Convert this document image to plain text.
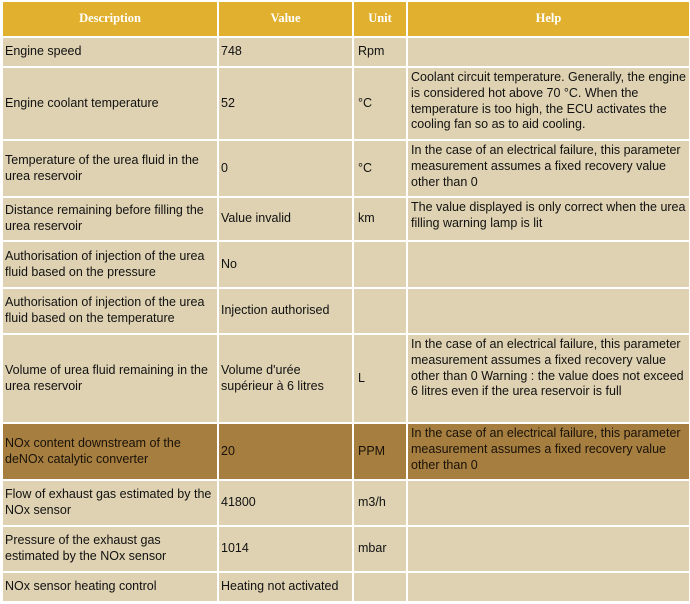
Description	Value	Unit	Help
Engine speed	748	Rpm	
Engine coolant temperature	52	°C	Coolant circuit temperature. Generally, the engine is considered hot above 70 °C. When the temperature is too high, the ECU activates the cooling fan so as to aid cooling.
Temperature of the urea fluid in the urea reservoir	0	°C	In the case of an electrical failure, this parameter measurement assumes a fixed recovery value other than 0
Distance remaining before filling the urea reservoir	Value invalid	km	The value displayed is only correct when the urea filling warning lamp is lit
Authorisation of injection of the urea fluid based on the pressure	No		
Authorisation of injection of the urea fluid based on the temperature	Injection authorised		
Volume of urea fluid remaining in the urea reservoir	Volume d'urée supérieur à 6 litres	L	In the case of an electrical failure, this parameter measurement assumes a fixed recovery value other than 0 Warning : the value does not exceed 6 litres even if the urea reservoir is full
NOx content downstream of the deNOx catalytic converter	20	PPM	In the case of an electrical failure, this parameter measurement assumes a fixed recovery value other than 0
Flow of exhaust gas estimated by the NOx sensor	41800	m3/h	
Pressure of the exhaust gas estimated by the NOx sensor	1014	mbar	
NOx sensor heating control	Heating not activated		
